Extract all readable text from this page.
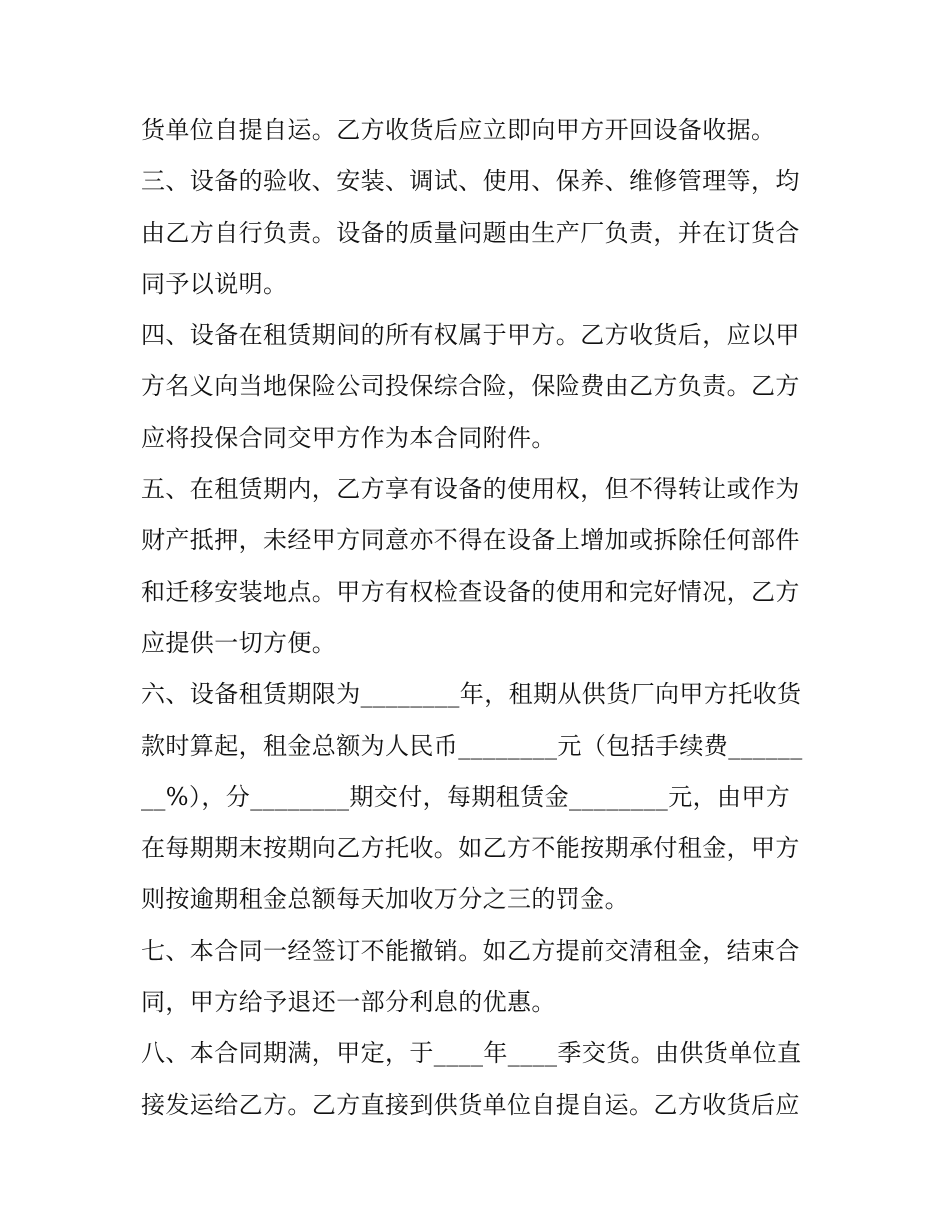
货单位自提自运。乙方收货后应立即向甲方开回设备收据。
三、设备的验收、安装、调试、使用、保养、维修管理等，均
由乙方自行负责。设备的质量问题由生产厂负责，并在订货合
同予以说明。
四、设备在租赁期间的所有权属于甲方。乙方收货后，应以甲
方名义向当地保险公司投保综合险，保险费由乙方负责。乙方
应将投保合同交甲方作为本合同附件。
五、在租赁期内，乙方享有设备的使用权，但不得转让或作为
财产抵押，未经甲方同意亦不得在设备上增加或拆除任何部件
和迁移安装地点。甲方有权检查设备的使用和完好情况，乙方
应提供一切方便。
六、设备租赁期限为________年，租期从供货厂向甲方托收货
款时算起，租金总额为人民币________元（包括手续费______
__%），分________期交付，每期租赁金________元，由甲方
在每期期末按期向乙方托收。如乙方不能按期承付租金，甲方
则按逾期租金总额每天加收万分之三的罚金。
七、本合同一经签订不能撤销。如乙方提前交清租金，结束合
同，甲方给予退还一部分利息的优惠。
八、本合同期满，甲定，于____年____季交货。由供货单位直
接发运给乙方。乙方直接到供货单位自提自运。乙方收货后应
